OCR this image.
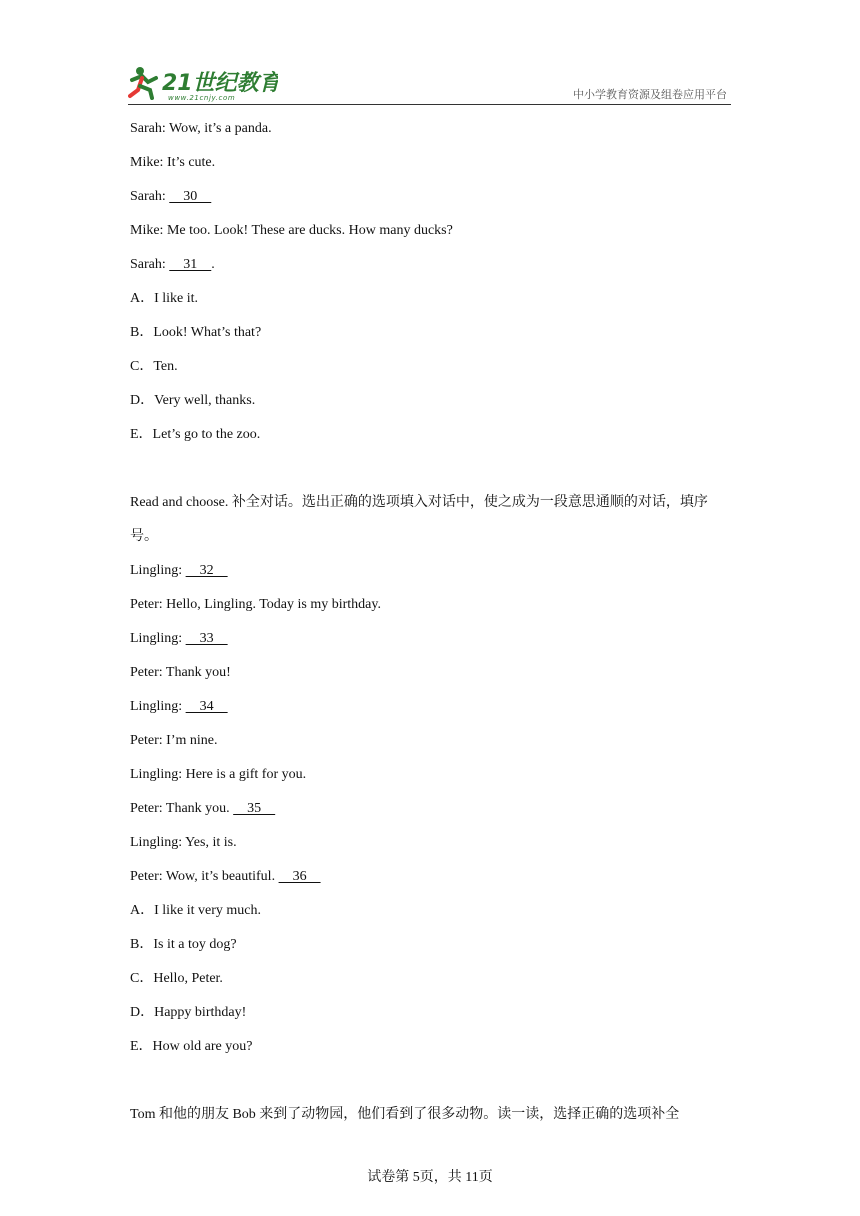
21世纪教育
www.21cnjy.com	中小学教育资源及组卷应用平台
Sarah: Wow, it’s a panda.
Mike: It’s cute.
Sarah:     30
Mike: Me too. Look! These are ducks. How many ducks?
Sarah:     31    .
A．I like it.
B．Look! What’s that?
C．Ten.
D．Very well, thanks.
E．Let’s go to the zoo.
Read and choose. 补全对话。选出正确的选项填入对话中，使之成为一段意思通顺的对话，填序号。
Lingling:     32
Peter: Hello, Lingling. Today is my birthday.
Lingling:     33
Peter: Thank you!
Lingling:     34
Peter: I’m nine.
Lingling: Here is a gift for you.
Peter: Thank you.     35
Lingling: Yes, it is.
Peter: Wow, it’s beautiful.     36
A．I like it very much.
B．Is it a toy dog?
C．Hello, Peter.
D．Happy birthday!
E．How old are you?
Tom 和他的朋友 Bob 来到了动物园，他们看到了很多动物。读一读，选择正确的选项补全
试卷第 5页，共 11页
